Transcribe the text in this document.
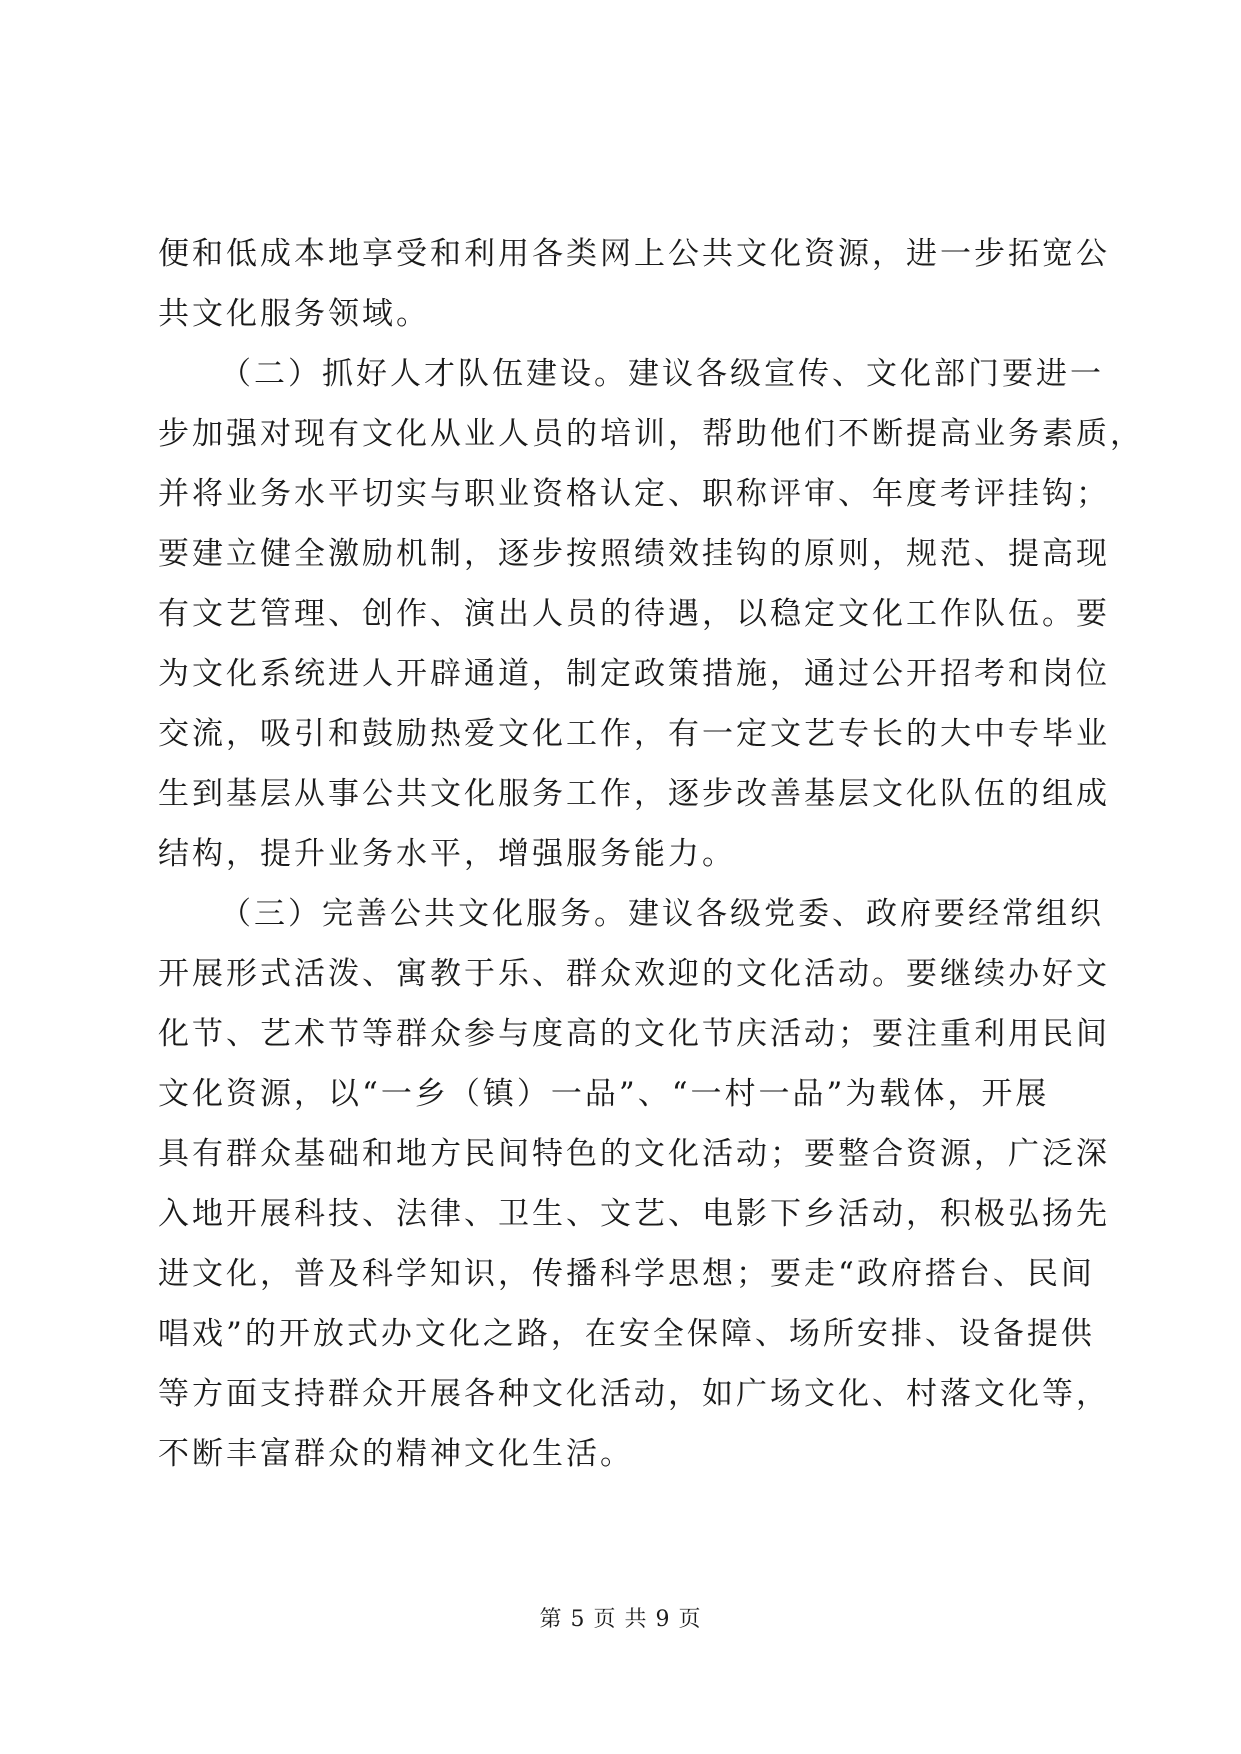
便和低成本地享受和利用各类网上公共文化资源，进一步拓宽公
共文化服务领域。
（二）抓好人才队伍建设。建议各级宣传、文化部门要进一
步加强对现有文化从业人员的培训，帮助他们不断提高业务素质，
并将业务水平切实与职业资格认定、职称评审、年度考评挂钩；
要建立健全激励机制，逐步按照绩效挂钩的原则，规范、提高现
有文艺管理、创作、演出人员的待遇，以稳定文化工作队伍。要
为文化系统进人开辟通道，制定政策措施，通过公开招考和岗位
交流，吸引和鼓励热爱文化工作，有一定文艺专长的大中专毕业
生到基层从事公共文化服务工作，逐步改善基层文化队伍的组成
结构，提升业务水平，增强服务能力。
（三）完善公共文化服务。建议各级党委、政府要经常组织
开展形式活泼、寓教于乐、群众欢迎的文化活动。要继续办好文
化节、艺术节等群众参与度高的文化节庆活动；要注重利用民间
文化资源，以“一乡（镇）一品”、“一村一品”为载体，开展
具有群众基础和地方民间特色的文化活动；要整合资源，广泛深
入地开展科技、法律、卫生、文艺、电影下乡活动，积极弘扬先
进文化，普及科学知识，传播科学思想；要走“政府搭台、民间
唱戏”的开放式办文化之路，在安全保障、场所安排、设备提供
等方面支持群众开展各种文化活动，如广场文化、村落文化等，
不断丰富群众的精神文化生活。
第 5 页 共 9 页
